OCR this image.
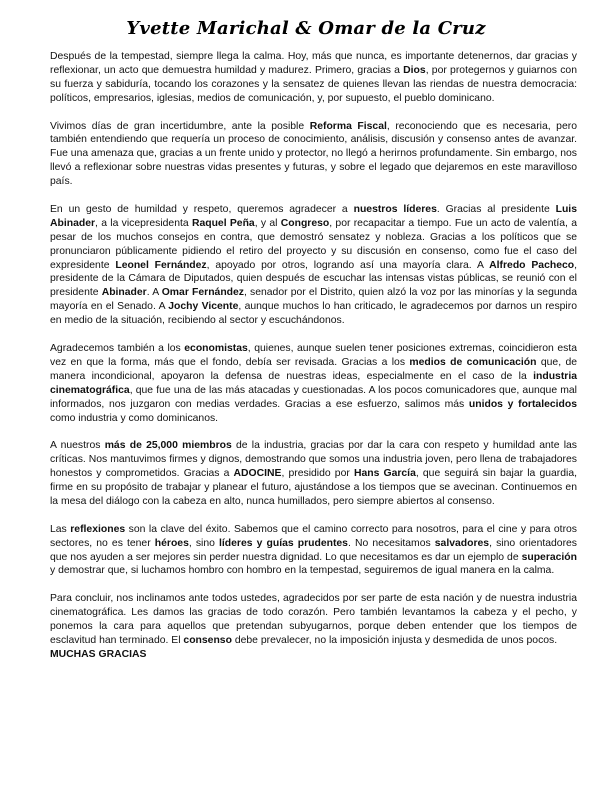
Yvette Marichal & Omar de la Cruz

Después de la tempestad, siempre llega la calma. Hoy, más que nunca, es importante detenernos, dar gracias y reflexionar, un acto que demuestra humildad y madurez. Primero, gracias a Dios, por protegernos y guiarnos con su fuerza y sabiduría, tocando los corazones y la sensatez de quienes llevan las riendas de nuestra democracia: políticos, empresarios, iglesias, medios de comunicación, y, por supuesto, el pueblo dominicano.

Vivimos días de gran incertidumbre, ante la posible Reforma Fiscal, reconociendo que es necesaria, pero también entendiendo que requería un proceso de conocimiento, análisis, discusión y consenso antes de avanzar. Fue una amenaza que, gracias a un frente unido y protector, no llegó a herirnos profundamente. Sin embargo, nos llevó a reflexionar sobre nuestras vidas presentes y futuras, y sobre el legado que dejaremos en este maravilloso país.

En un gesto de humildad y respeto, queremos agradecer a nuestros líderes. Gracias al presidente Luis Abinader, a la vicepresidenta Raquel Peña, y al Congreso, por recapacitar a tiempo. Fue un acto de valentía, a pesar de los muchos consejos en contra, que demostró sensatez y nobleza. Gracias a los políticos que se pronunciaron públicamente pidiendo el retiro del proyecto y su discusión en consenso, como fue el caso del expresidente Leonel Fernández, apoyado por otros, logrando así una mayoría clara. A Alfredo Pacheco, presidente de la Cámara de Diputados, quien después de escuchar las intensas vistas públicas, se reunió con el presidente Abinader. A Omar Fernández, senador por el Distrito, quien alzó la voz por las minorías y la segunda mayoría en el Senado. A Jochy Vicente, aunque muchos lo han criticado, le agradecemos por darnos un respiro en medio de la situación, recibiendo al sector y escuchándonos.

Agradecemos también a los economistas, quienes, aunque suelen tener posiciones extremas, coincidieron esta vez en que la forma, más que el fondo, debía ser revisada. Gracias a los medios de comunicación que, de manera incondicional, apoyaron la defensa de nuestras ideas, especialmente en el caso de la industria cinematográfica, que fue una de las más atacadas y cuestionadas. A los pocos comunicadores que, aunque mal informados, nos juzgaron con medias verdades. Gracias a ese esfuerzo, salimos más unidos y fortalecidos como industria y como dominicanos.

A nuestros más de 25,000 miembros de la industria, gracias por dar la cara con respeto y humildad ante las críticas. Nos mantuvimos firmes y dignos, demostrando que somos una industria joven, pero llena de trabajadores honestos y comprometidos. Gracias a ADOCINE, presidido por Hans García, que seguirá sin bajar la guardia, firme en su propósito de trabajar y planear el futuro, ajustándose a los tiempos que se avecinan. Continuemos en la mesa del diálogo con la cabeza en alto, nunca humillados, pero siempre abiertos al consenso.

Las reflexiones son la clave del éxito. Sabemos que el camino correcto para nosotros, para el cine y para otros sectores, no es tener héroes, sino líderes y guías prudentes. No necesitamos salvadores, sino orientadores que nos ayuden a ser mejores sin perder nuestra dignidad. Lo que necesitamos es dar un ejemplo de superación y demostrar que, si luchamos hombro con hombro en la tempestad, seguiremos de igual manera en la calma.

Para concluir, nos inclinamos ante todos ustedes, agradecidos por ser parte de esta nación y de nuestra industria cinematográfica. Les damos las gracias de todo corazón. Pero también levantamos la cabeza y el pecho, y ponemos la cara para aquellos que pretendan subyugarnos, porque deben entender que los tiempos de esclavitud han terminado. El consenso debe prevalecer, no la imposición injusta y desmedida de unos pocos.

MUCHAS GRACIAS
